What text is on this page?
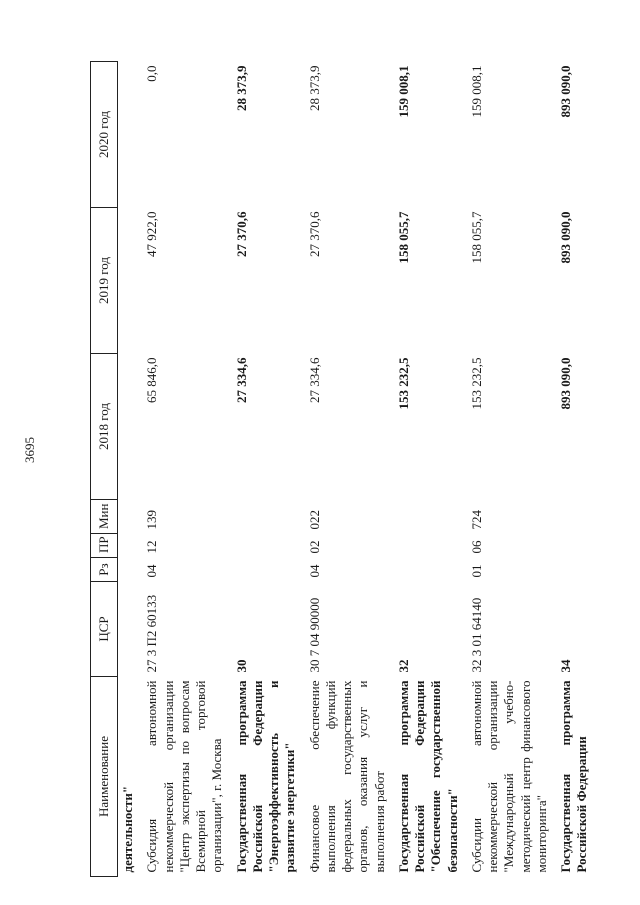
3695
Наименование	ЦСР	Рз	ПР	Мин	2018 год	2019 год	2020 год
деятельности"							
Субсидия автономной некоммерческой организации "Центр экспертизы по вопросам Всемирной торговой организации", г. Москва	27 3 П2 60133	04	12	139	65 846,0	47 922,0	0,0
Государственная программа Российской Федерации "Энергоэффективность и развитие энергетики"	30				27 334,6	27 370,6	28 373,9
Финансовое обеспечение выполнения функций федеральных государственных органов, оказания услуг и выполнения работ	30 7 04 90000	04	02	022	27 334,6	27 370,6	28 373,9
Государственная программа Российской Федерации "Обеспечение государственной безопасности"	32				153 232,5	158 055,7	159 008,1
Субсидии автономной некоммерческой организации "Международный учебно-методический центр финансового мониторинга"	32 3 01 64140	01	06	724	153 232,5	158 055,7	159 008,1
Государственная программа Российской Федерации	34				893 090,0	893 090,0	893 090,0
